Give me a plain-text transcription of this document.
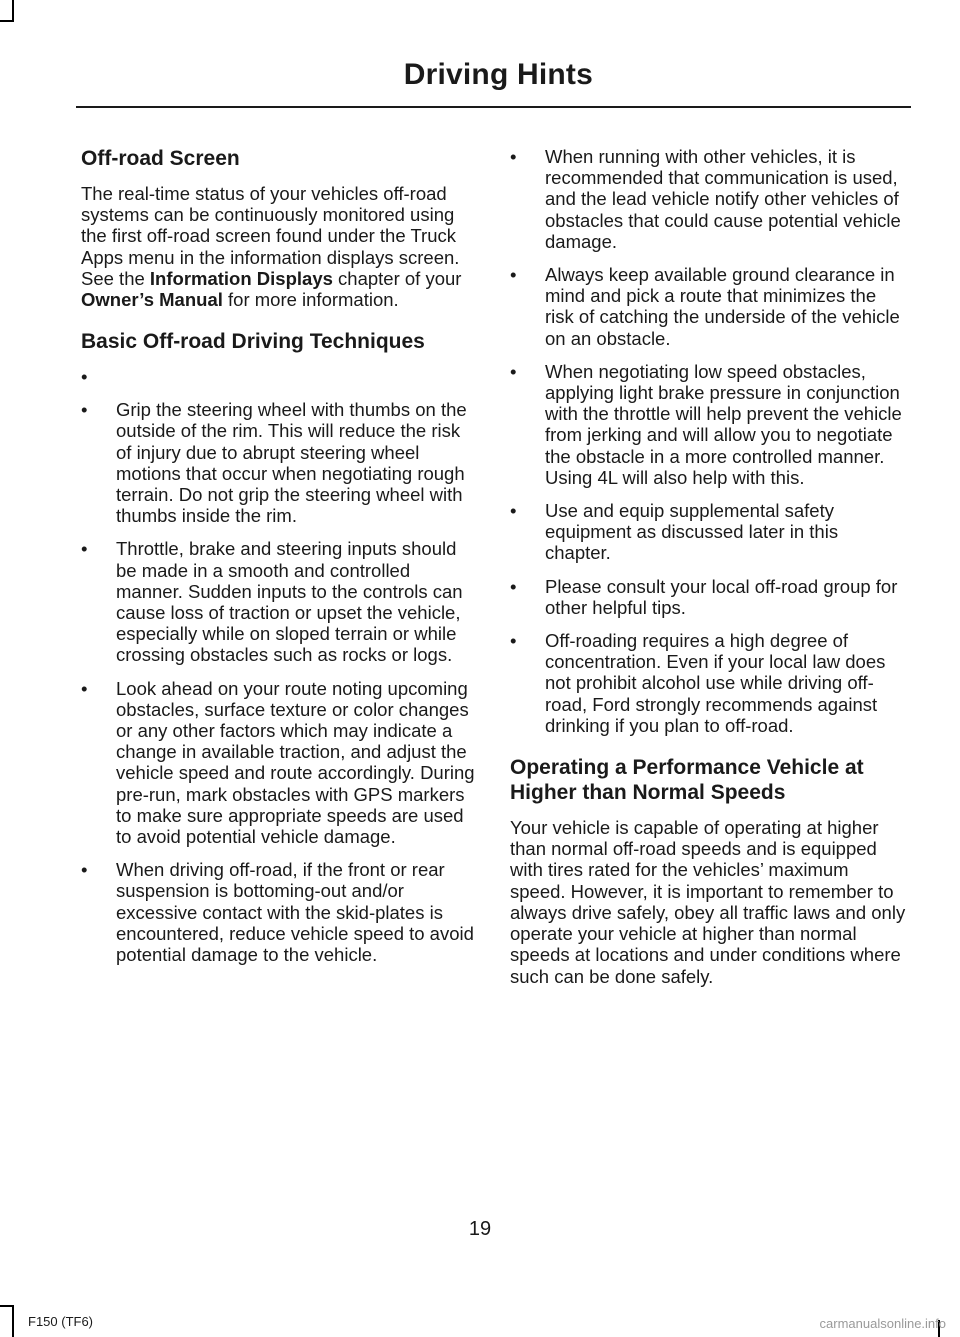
Driving Hints
Off-road Screen

The real-time status of your vehicles off-road systems can be continuously monitored using the first off-road screen found under the Truck Apps menu in the information displays screen. See the Information Displays chapter of your Owner’s Manual for more information.

Basic Off-road Driving Techniques
•
• Grip the steering wheel with thumbs on the outside of the rim. This will reduce the risk of injury due to abrupt steering wheel motions that occur when negotiating rough terrain. Do not grip the steering wheel with thumbs inside the rim.
• Throttle, brake and steering inputs should be made in a smooth and controlled manner. Sudden inputs to the controls can cause loss of traction or upset the vehicle, especially while on sloped terrain or while crossing obstacles such as rocks or logs.
• Look ahead on your route noting upcoming obstacles, surface texture or color changes or any other factors which may indicate a change in available traction, and adjust the vehicle speed and route accordingly. During pre-run, mark obstacles with GPS markers to make sure appropriate speeds are used to avoid potential vehicle damage.
• When driving off-road, if the front or rear suspension is bottoming-out and/or excessive contact with the skid-plates is encountered, reduce vehicle speed to avoid potential damage to the vehicle.
• When running with other vehicles, it is recommended that communication is used, and the lead vehicle notify other vehicles of obstacles that could cause potential vehicle damage.
• Always keep available ground clearance in mind and pick a route that minimizes the risk of catching the underside of the vehicle on an obstacle.
• When negotiating low speed obstacles, applying light brake pressure in conjunction with the throttle will help prevent the vehicle from jerking and will allow you to negotiate the obstacle in a more controlled manner. Using 4L will also help with this.
• Use and equip supplemental safety equipment as discussed later in this chapter.
• Please consult your local off-road group for other helpful tips.
• Off-roading requires a high degree of concentration. Even if your local law does not prohibit alcohol use while driving off-road, Ford strongly recommends against drinking if you plan to off-road.
Operating a Performance Vehicle at Higher than Normal Speeds

Your vehicle is capable of operating at higher than normal off-road speeds and is equipped with tires rated for the vehicles’ maximum speed. However, it is important to remember to always drive safely, obey all traffic laws and only operate your vehicle at higher than normal speeds at locations and under conditions where such can be done safely.

19
F150 (TF6)	carmanualsonline.info
